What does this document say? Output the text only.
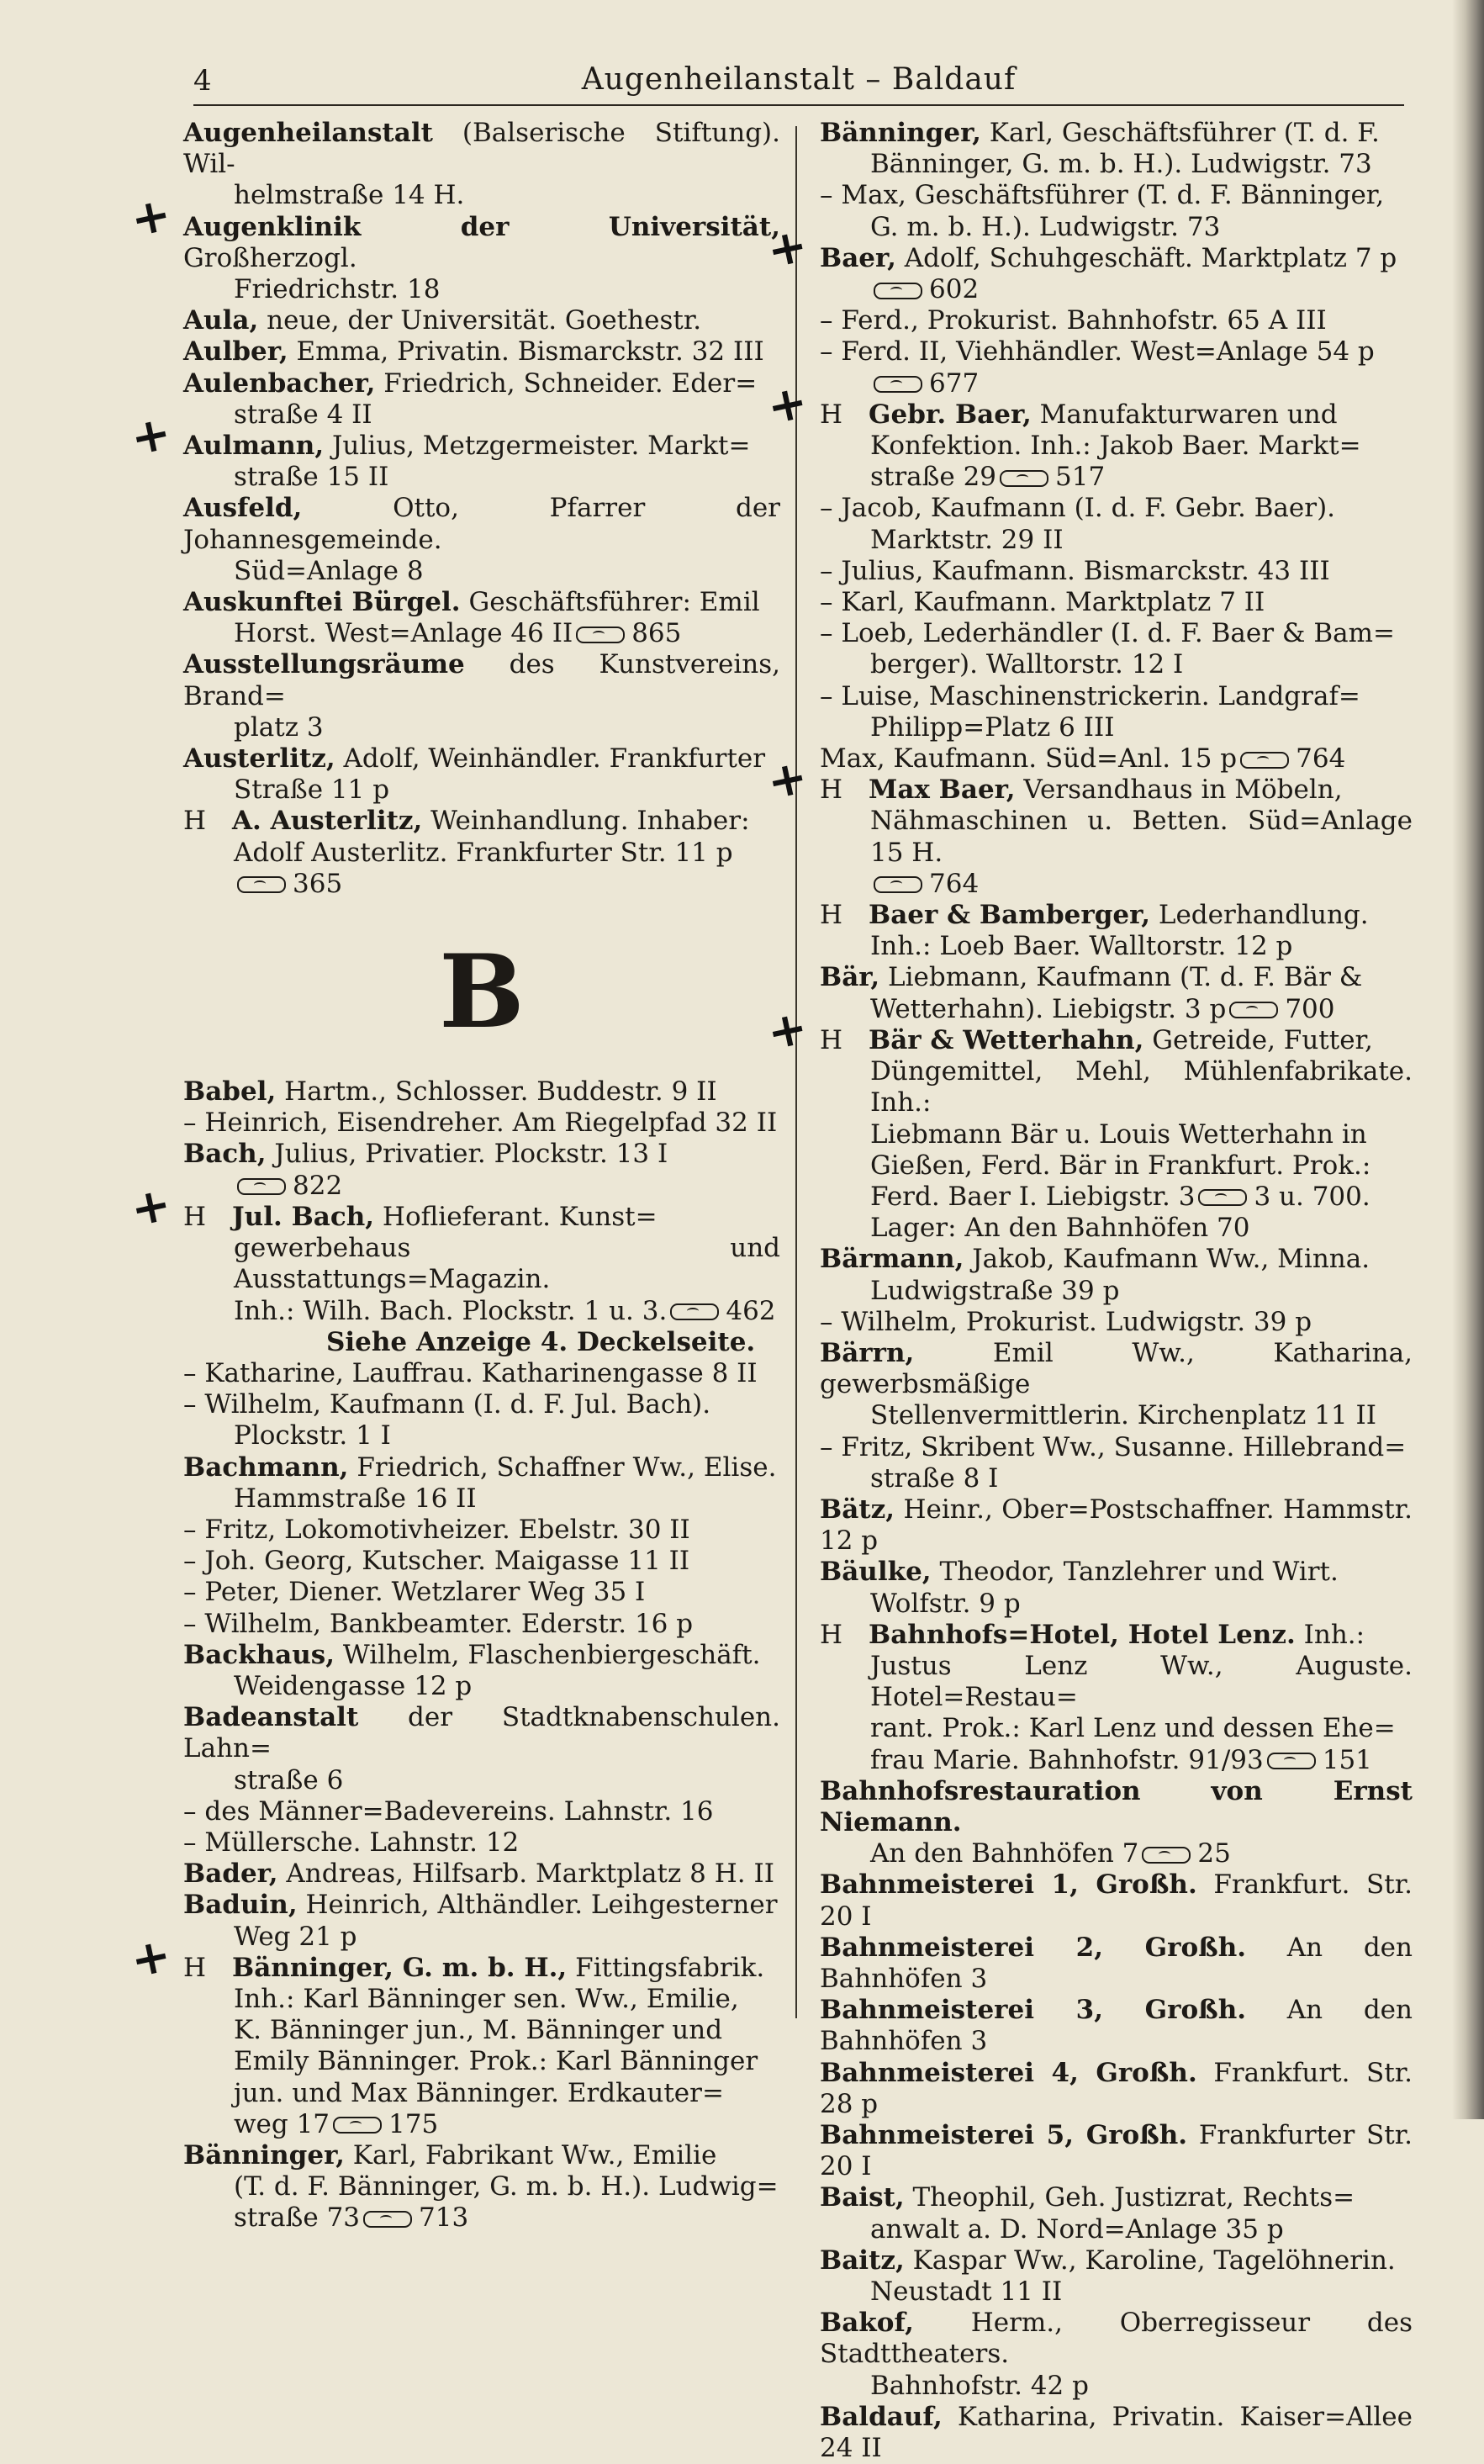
4	Augenheilanstalt – Baldauf
Augenheilanstalt (Balserische Stiftung). Wil-
helmstraße 14 H.
+ Augenklinik der Universität, Großherzogl.
Friedrichstr. 18
Aula, neue, der Universität. Goethestr.
Aulber, Emma, Privatin. Bismarckstr. 32 III
Aulenbacher, Friedrich, Schneider. Eder=
straße 4 II
+ Aulmann, Julius, Metzgermeister. Markt=
straße 15 II
Ausfeld, Otto, Pfarrer der Johannesgemeinde.
Süd=Anlage 8
Auskunftei Bürgel. Geschäftsführer: Emil
Horst. West=Anlage 46 II 865
Ausstellungsräume des Kunstvereins, Brand=
platz 3
Austerlitz, Adolf, Weinhändler. Frankfurter
Straße 11 p
H A. Austerlitz, Weinhandlung. Inhaber:
Adolf Austerlitz. Frankfurter Str. 11 p
365
B
Babel, Hartm., Schlosser. Buddestr. 9 II
– Heinrich, Eisendreher. Am Riegelpfad 32 II
Bach, Julius, Privatier. Plockstr. 13 I
822
+ H Jul. Bach, Hoflieferant. Kunst=
gewerbehaus und Ausstattungs=Magazin.
Inh.: Wilh. Bach. Plockstr. 1 u. 3. 462
Siehe Anzeige 4. Deckelseite.
– Katharine, Lauffrau. Katharinengasse 8 II
– Wilhelm, Kaufmann (I. d. F. Jul. Bach).
Plockstr. 1 I
Bachmann, Friedrich, Schaffner Ww., Elise.
Hammstraße 16 II
– Fritz, Lokomotivheizer. Ebelstr. 30 II
– Joh. Georg, Kutscher. Maigasse 11 II
– Peter, Diener. Wetzlarer Weg 35 I
– Wilhelm, Bankbeamter. Ederstr. 16 p
Backhaus, Wilhelm, Flaschenbiergeschäft.
Weidengasse 12 p
Badeanstalt der Stadtknabenschulen. Lahn=
straße 6
– des Männer=Badevereins. Lahnstr. 16
– Müllersche. Lahnstr. 12
Bader, Andreas, Hilfsarb. Marktplatz 8 H. II
Baduin, Heinrich, Althändler. Leihgesterner
Weg 21 p
+ H Bänninger, G. m. b. H., Fittingsfabrik.
Inh.: Karl Bänninger sen. Ww., Emilie,
K. Bänninger jun., M. Bänninger und
Emily Bänninger. Prok.: Karl Bänninger
jun. und Max Bänninger. Erdkauter=
weg 17 175
Bänninger, Karl, Fabrikant Ww., Emilie
(T. d. F. Bänninger, G. m. b. H.). Ludwig=
straße 73 713
Bänninger, Karl, Geschäftsführer (T. d. F.
Bänninger, G. m. b. H.). Ludwigstr. 73
– Max, Geschäftsführer (T. d. F. Bänninger,
G. m. b. H.). Ludwigstr. 73
+ Baer, Adolf, Schuhgeschäft. Marktplatz 7 p
602
– Ferd., Prokurist. Bahnhofstr. 65 A III
– Ferd. II, Viehhändler. West=Anlage 54 p
677
+ H Gebr. Baer, Manufakturwaren und
Konfektion. Inh.: Jakob Baer. Markt=
straße 29 517
– Jacob, Kaufmann (I. d. F. Gebr. Baer).
Marktstr. 29 II
– Julius, Kaufmann. Bismarckstr. 43 III
– Karl, Kaufmann. Marktplatz 7 II
– Loeb, Lederhändler (I. d. F. Baer & Bam=
berger). Walltorstr. 12 I
– Luise, Maschinenstrickerin. Landgraf=
Philipp=Platz 6 III
Max, Kaufmann. Süd=Anl. 15 p 764
+ H Max Baer, Versandhaus in Möbeln,
Nähmaschinen u. Betten. Süd=Anlage 15 H.
764
H Baer & Bamberger, Lederhandlung.
Inh.: Loeb Baer. Walltorstr. 12 p
Bär, Liebmann, Kaufmann (T. d. F. Bär &
Wetterhahn). Liebigstr. 3 p 700
+ H Bär & Wetterhahn, Getreide, Futter,
Düngemittel, Mehl, Mühlenfabrikate. Inh.:
Liebmann Bär u. Louis Wetterhahn in
Gießen, Ferd. Bär in Frankfurt. Prok.:
Ferd. Baer I. Liebigstr. 3 3 u. 700.
Lager: An den Bahnhöfen 70
Bärmann, Jakob, Kaufmann Ww., Minna.
Ludwigstraße 39 p
– Wilhelm, Prokurist. Ludwigstr. 39 p
Bärrn, Emil Ww., Katharina, gewerbsmäßige
Stellenvermittlerin. Kirchenplatz 11 II
– Fritz, Skribent Ww., Susanne. Hillebrand=
straße 8 I
Bätz, Heinr., Ober=Postschaffner. Hammstr. 12 p
Bäulke, Theodor, Tanzlehrer und Wirt.
Wolfstr. 9 p
H Bahnhofs=Hotel, Hotel Lenz. Inh.:
Justus Lenz Ww., Auguste. Hotel=Restau=
rant. Prok.: Karl Lenz und dessen Ehe=
frau Marie. Bahnhofstr. 91/93 151
Bahnhofsrestauration von Ernst Niemann.
An den Bahnhöfen 7 25
Bahnmeisterei 1, Großh. Frankfurt. Str. 20 I
Bahnmeisterei 2, Großh. An den Bahnhöfen 3
Bahnmeisterei 3, Großh. An den Bahnhöfen 3
Bahnmeisterei 4, Großh. Frankfurt. Str. 28 p
Bahnmeisterei 5, Großh. Frankfurter Str. 20 I
Baist, Theophil, Geh. Justizrat, Rechts=
anwalt a. D. Nord=Anlage 35 p
Baitz, Kaspar Ww., Karoline, Tagelöhnerin.
Neustadt 11 II
Bakof, Herm., Oberregisseur des Stadttheaters.
Bahnhofstr. 42 p
Baldauf, Katharina, Privatin. Kaiser=Allee 24 II
